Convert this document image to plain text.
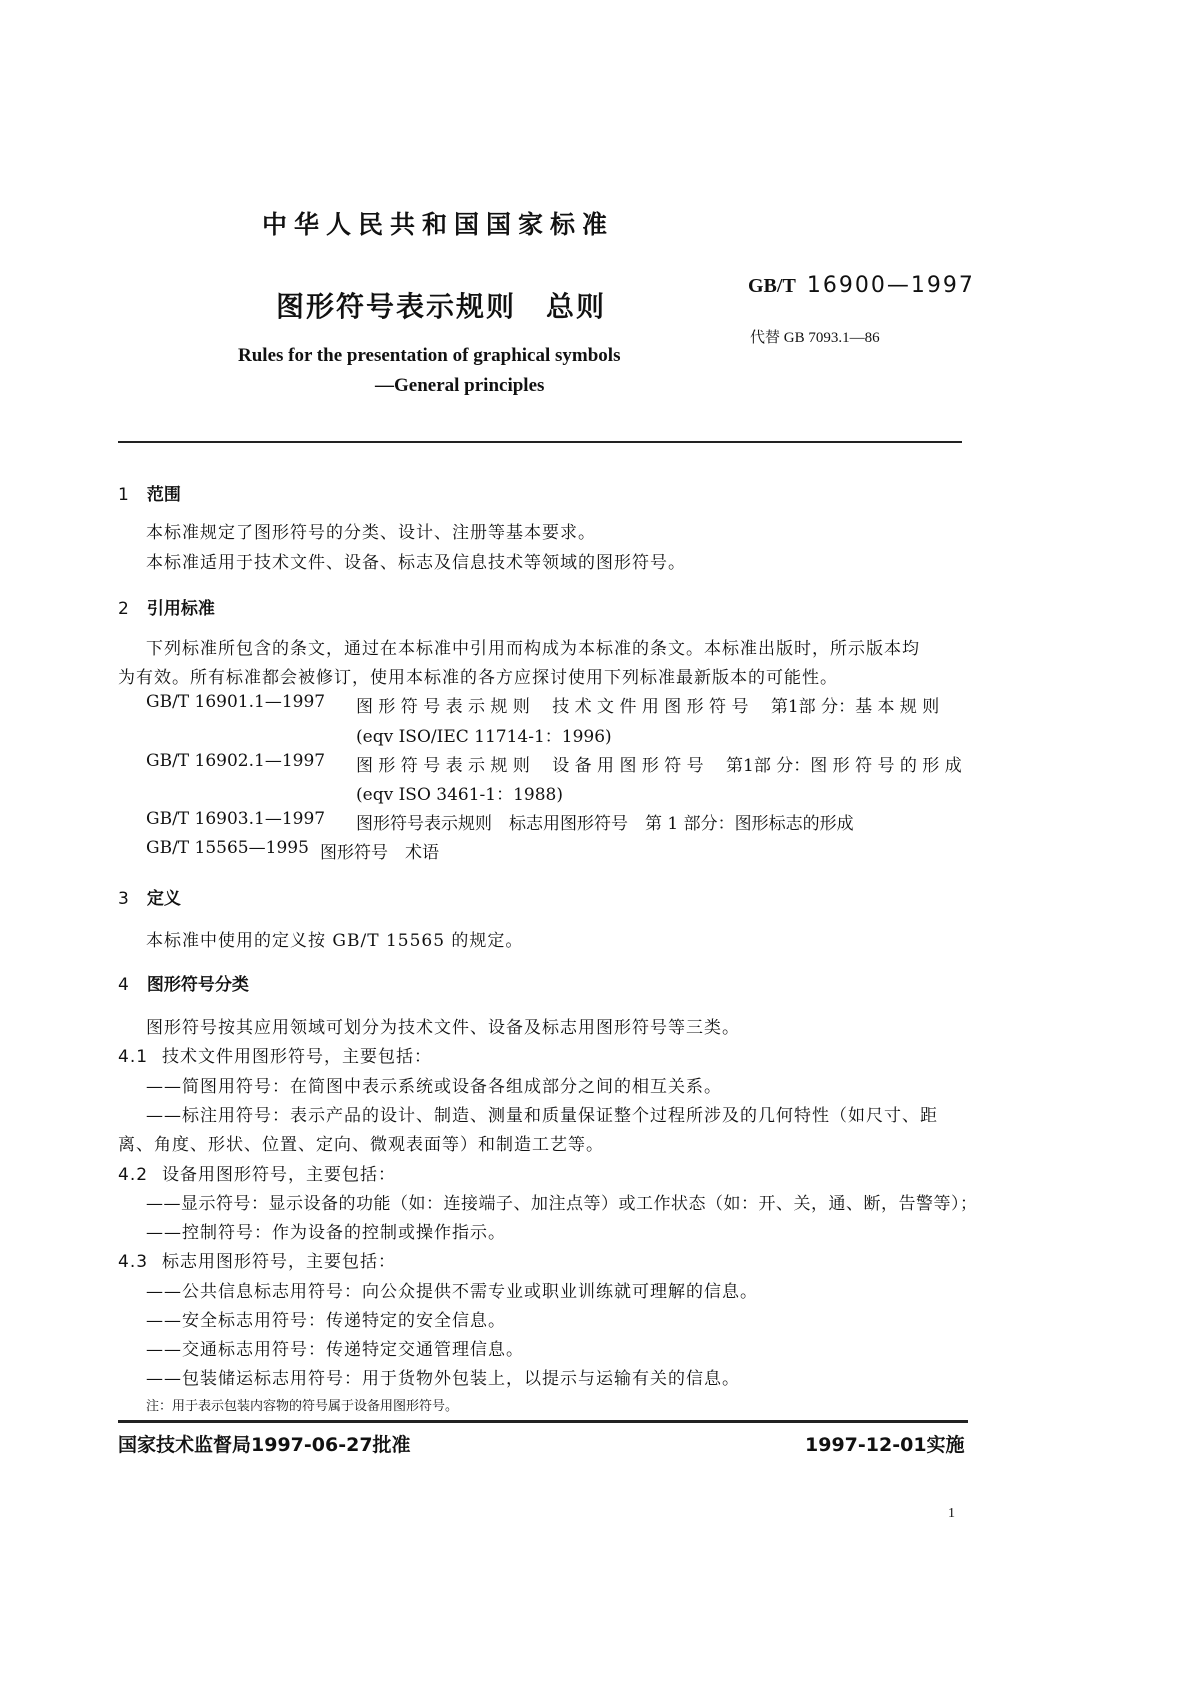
中华人民共和国国家标准
图形符号表示规则　总则
Rules for the presentation of graphical symbols
—General principles
GB/T 16900—1997
代替 GB 7093.1—86
1 范围
本标准规定了图形符号的分类、设计、注册等基本要求。
本标准适用于技术文件、设备、标志及信息技术等领域的图形符号。
2 引用标准
下列标准所包含的条文，通过在本标准中引用而构成为本标准的条文。本标准出版时，所示版本均
为有效。所有标准都会被修订，使用本标准的各方应探讨使用下列标准最新版本的可能性。
GB/T 16901.1—1997 图 形 符 号 表 示 规 则　 技 术 文 件 用 图 形 符 号　 第1部 分：基 本 规 则
(eqv ISO/IEC 11714-1：1996)
GB/T 16902.1—1997 图 形 符 号 表 示 规 则　 设 备 用 图 形 符 号　 第1部 分：图 形 符 号 的 形 成
(eqv ISO 3461-1：1988)
GB/T 16903.1—1997 图形符号表示规则　标志用图形符号　第 1 部分：图形标志的形成
GB/T 15565—1995 图形符号　术语
3 定义
本标准中使用的定义按 GB/T 15565 的规定。
4 图形符号分类
图形符号按其应用领域可划分为技术文件、设备及标志用图形符号等三类。
4.1 技术文件用图形符号，主要包括：
——简图用符号：在简图中表示系统或设备各组成部分之间的相互关系。
——标注用符号：表示产品的设计、制造、测量和质量保证整个过程所涉及的几何特性（如尺寸、距
离、角度、形状、位置、定向、微观表面等）和制造工艺等。
4.2 设备用图形符号，主要包括：
——显示符号：显示设备的功能（如：连接端子、加注点等）或工作状态（如：开、关，通、断，告警等）；
——控制符号：作为设备的控制或操作指示。
4.3 标志用图形符号，主要包括：
——公共信息标志用符号：向公众提供不需专业或职业训练就可理解的信息。
——安全标志用符号：传递特定的安全信息。
——交通标志用符号：传递特定交通管理信息。
——包装储运标志用符号：用于货物外包装上，以提示与运输有关的信息。
注：用于表示包装内容物的符号属于设备用图形符号。
国家技术监督局1997-06-27批准	1997-12-01实施
1
